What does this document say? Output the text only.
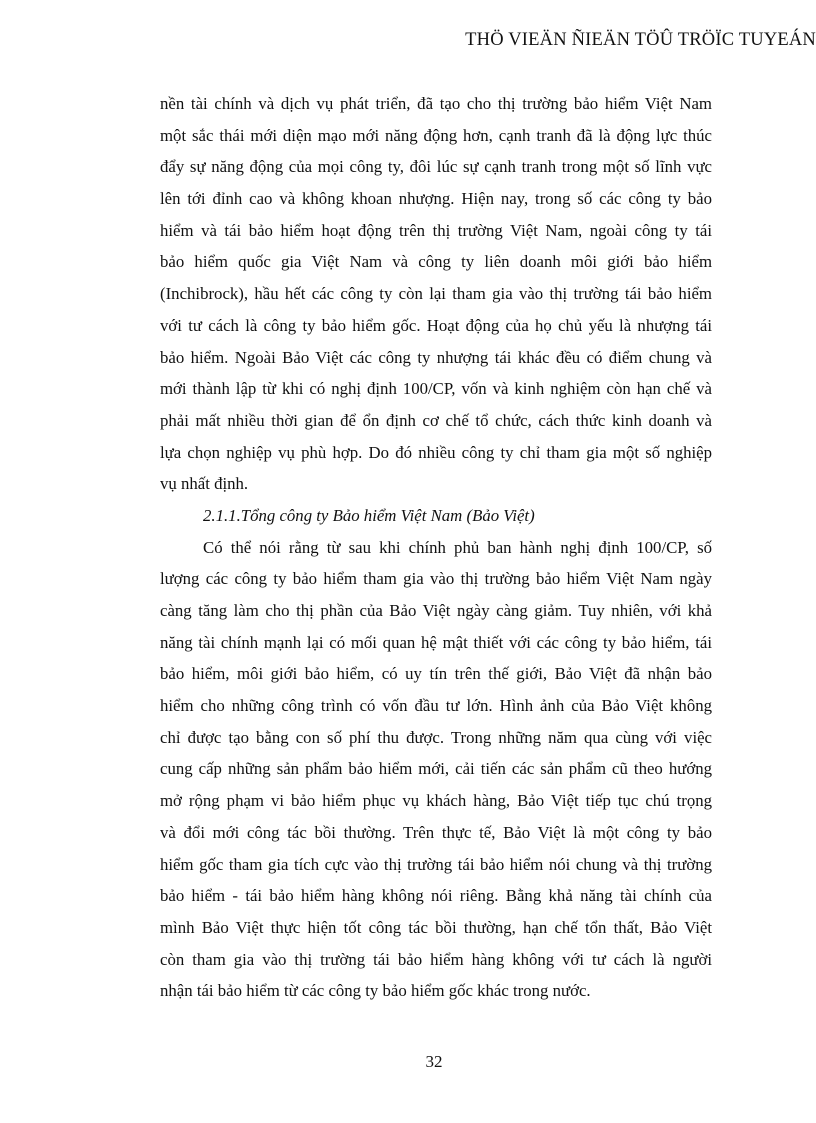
THÖ VIEÄN ÑIEÄN TÖÛ TRÖÏC TUYEÁN
nền tài chính và dịch vụ phát triển, đã tạo cho thị trường bảo hiểm Việt Nam
một sắc thái mới diện mạo mới năng động hơn, cạnh tranh đã là động lực thúc
đẩy sự năng động của mọi công ty, đôi lúc sự cạnh tranh trong một số lĩnh vực
lên tới đỉnh cao và không khoan nhượng. Hiện nay, trong số các công ty bảo
hiểm và tái bảo hiểm hoạt động trên thị trường Việt Nam, ngoài công ty tái
bảo hiểm quốc gia Việt Nam và công ty liên doanh môi giới bảo hiểm
(Inchibrock), hầu hết các công ty còn lại tham gia vào thị trường tái bảo hiểm
với tư cách là công ty bảo hiểm gốc. Hoạt động của họ chủ yếu là nhượng tái
bảo hiểm. Ngoài Bảo Việt các công ty nhượng tái khác đều có điểm chung và
mới thành lập từ khi có nghị định 100/CP, vốn và kinh nghiệm còn hạn chế và
phải mất nhiều thời gian để ổn định cơ chế tổ chức, cách thức kinh doanh và
lựa chọn nghiệp vụ phù hợp. Do đó nhiều công ty chỉ tham gia một số nghiệp
vụ nhất định.
2.1.1.Tổng công ty Bảo hiểm Việt Nam (Bảo Việt)
Có thể nói rằng từ sau khi chính phủ ban hành nghị định 100/CP, số
lượng các công ty bảo hiểm tham gia vào thị trường bảo hiểm Việt Nam ngày
càng tăng làm cho thị phần của Bảo Việt ngày càng giảm. Tuy nhiên, với khả
năng tài chính mạnh lại có mối quan hệ mật thiết với các công ty bảo hiểm, tái
bảo hiểm, môi giới bảo hiểm, có uy tín trên thế giới, Bảo Việt đã nhận bảo
hiểm cho những công trình có vốn đầu tư lớn. Hình ảnh của Bảo Việt không
chỉ được tạo bằng con số phí thu được. Trong những năm qua cùng với việc
cung cấp những sản phẩm bảo hiểm mới, cải tiến các sản phẩm cũ theo hướng
mở rộng phạm vi bảo hiểm phục vụ khách hàng, Bảo Việt tiếp tục chú trọng
và đổi mới công tác bồi thường. Trên thực tế, Bảo Việt là một công ty bảo
hiểm gốc tham gia tích cực vào thị trường tái bảo hiểm nói chung và thị trường
bảo hiểm - tái bảo hiểm hàng không nói riêng. Bằng khả năng tài chính của
mình Bảo Việt thực hiện tốt công tác bồi thường, hạn chế tổn thất, Bảo Việt
còn tham gia vào thị trường tái bảo hiểm hàng không với tư cách là người
nhận tái bảo hiểm từ các công ty bảo hiểm gốc khác trong nước.
32
